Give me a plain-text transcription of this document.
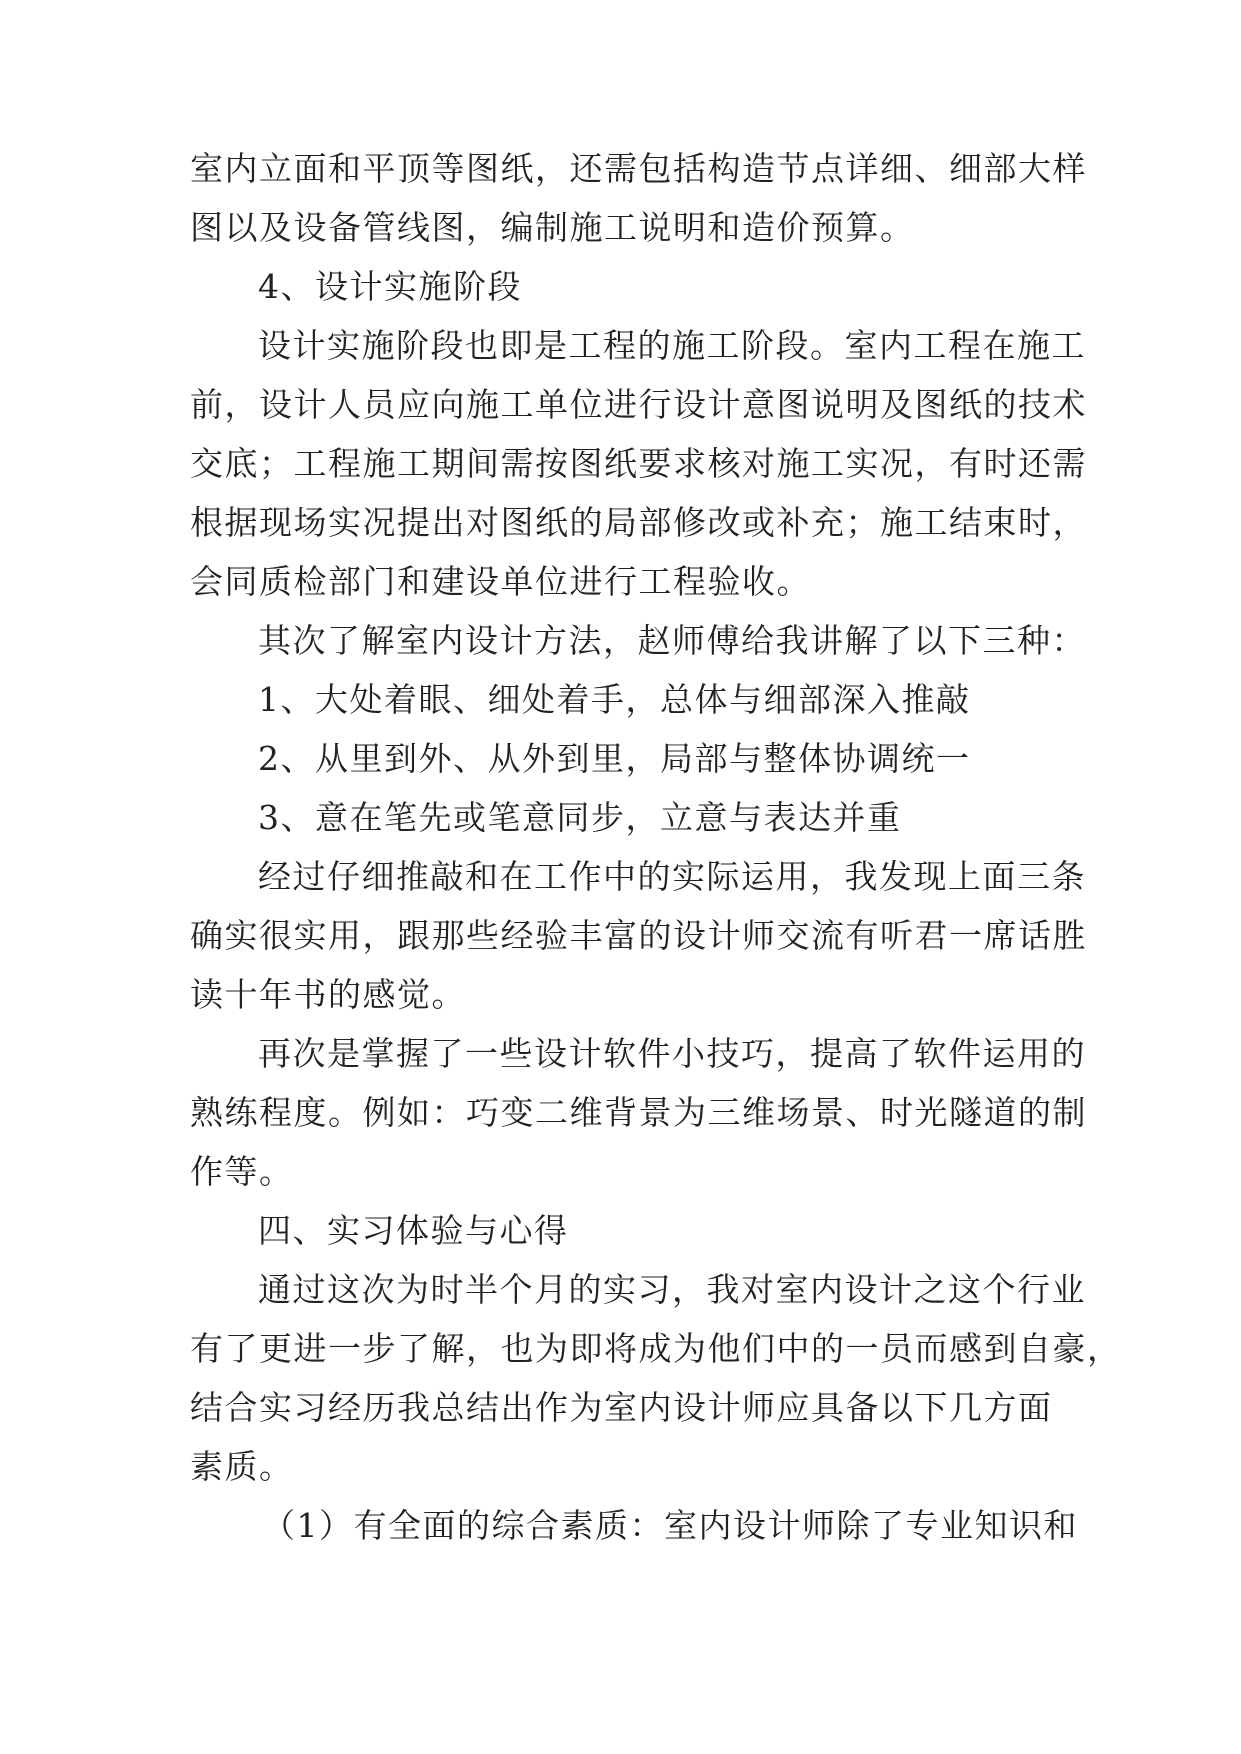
室内立面和平顶等图纸，还需包括构造节点详细、细部大样
图以及设备管线图，编制施工说明和造价预算。
4、设计实施阶段
设计实施阶段也即是工程的施工阶段。室内工程在施工
前，设计人员应向施工单位进行设计意图说明及图纸的技术
交底；工程施工期间需按图纸要求核对施工实况，有时还需
根据现场实况提出对图纸的局部修改或补充；施工结束时，
会同质检部门和建设单位进行工程验收。
其次了解室内设计方法，赵师傅给我讲解了以下三种：
1、大处着眼、细处着手，总体与细部深入推敲
2、从里到外、从外到里，局部与整体协调统一
3、意在笔先或笔意同步，立意与表达并重
经过仔细推敲和在工作中的实际运用，我发现上面三条
确实很实用，跟那些经验丰富的设计师交流有听君一席话胜
读十年书的感觉。
再次是掌握了一些设计软件小技巧，提高了软件运用的
熟练程度。例如：巧变二维背景为三维场景、时光隧道的制
作等。
四、实习体验与心得
通过这次为时半个月的实习，我对室内设计之这个行业
有了更进一步了解，也为即将成为他们中的一员而感到自豪，
结合实习经历我总结出作为室内设计师应具备以下几方面
素质。
（1）有全面的综合素质：室内设计师除了专业知识和
